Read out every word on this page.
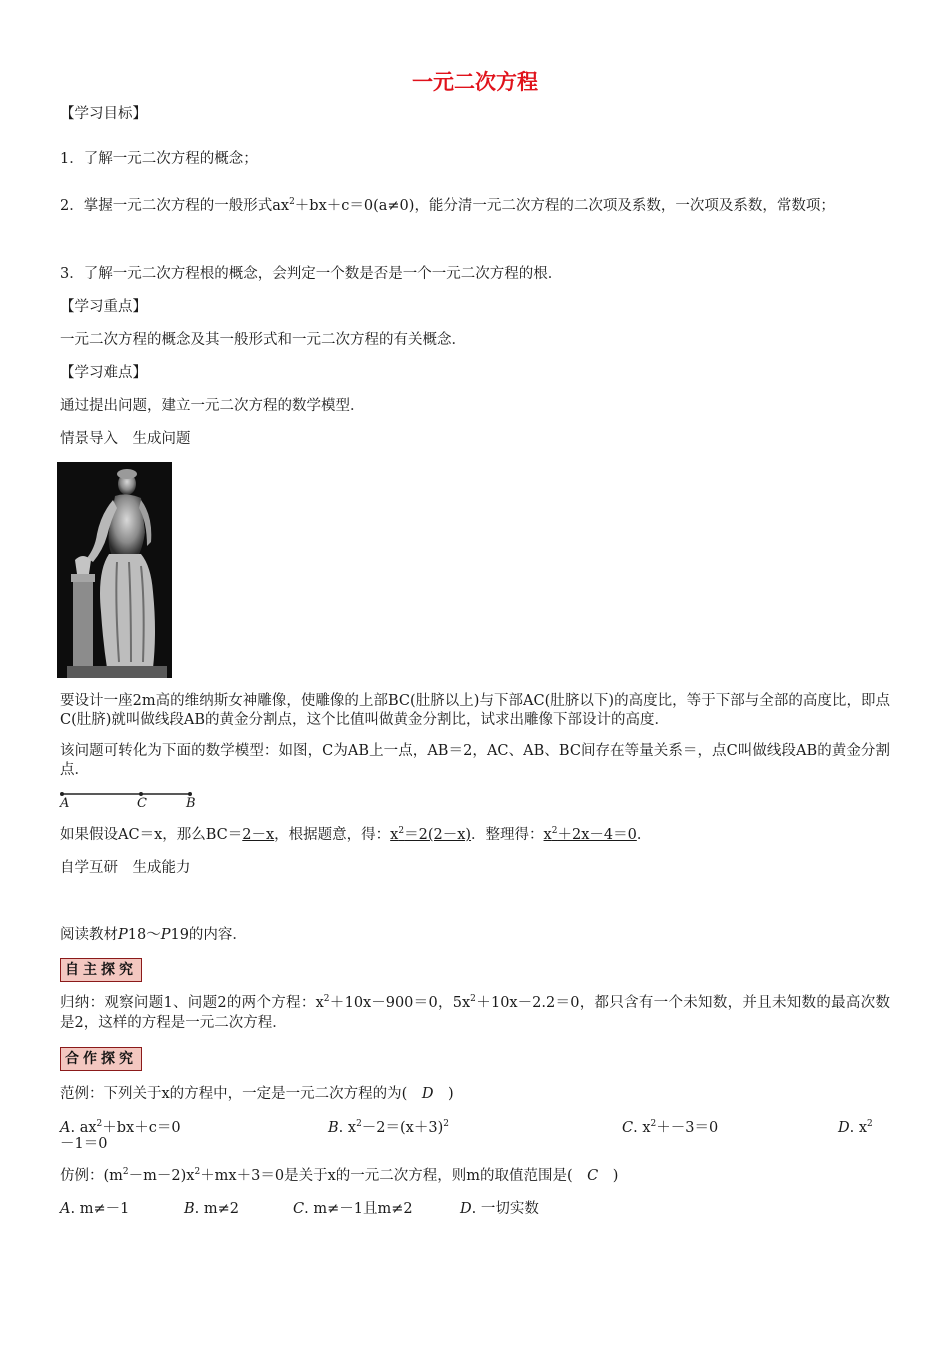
一元二次方程
【学习目标】
1．了解一元二次方程的概念；
2．掌握一元二次方程的一般形式$ax^2+bx+c=0(a\ne 0)$，能分清一元二次方程的二次项及系数，一次项及系数，常数项；
3．了解一元二次方程根的概念，会判定一个数是否是一个一元二次方程的根．
【学习重点】
一元二次方程的概念及其一般形式和一元二次方程的有关概念．
【学习难点】
通过提出问题，建立一元二次方程的数学模型．
情景导入　生成问题
要设计一座2m高的维纳斯女神雕像，使雕像的上部BC(肚脐以上)与下部AC(肚脐以下)的高度比，等于下部与全部的高度比，即点C(肚脐)就叫做线段AB的黄金分割点，这个比值叫做黄金分割比，试求出雕像下部设计的高度．
该问题可转化为下面的数学模型：如图，C为AB上一点，AB＝2，AC、AB、BC间存在等量关系＝，点C叫做线段AB的黄金分割点．
A	C	B
如果假设AC＝x，那么BC＝2－x，根据题意，得：$x^2=2(2-x)$．整理得：$x^2+2x-4=0$．
自学互研　生成能力
阅读教材P18～P19的内容．
自主探究
归纳：观察问题1、问题2的两个方程：$x^2+10x-900=0$，$5x^2+10x-2.2=0$，都只含有一个未知数，并且未知数的最高次数是2，这样的方程是一元二次方程．
合作探究
范例：下列关于x的方程中，一定是一元二次方程的为(　D　)
A. $ax^2+bx+c=0$	B. $x^2-2=(x+3)^2$	C. $x^2+-3=0$	D. $x^2$
－1＝0
仿例：$(m^2-m-2)x^2+mx+3=0$是关于x的一元二次方程，则m的取值范围是(　C　)
A. m≠－1	B. m≠2	C. m≠－1且m≠2	D. 一切实数
